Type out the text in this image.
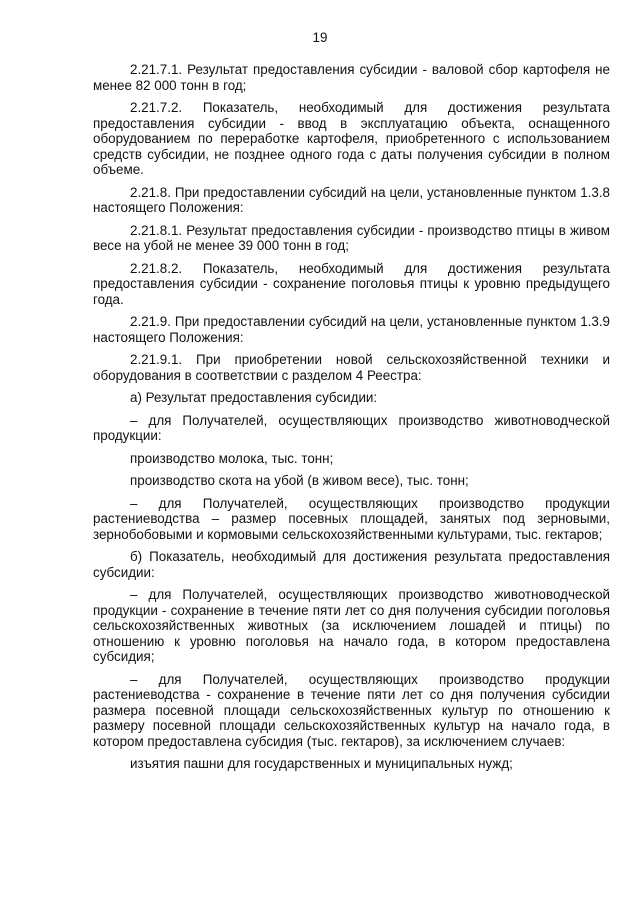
19

2.21.7.1. Результат предоставления субсидии - валовой сбор картофеля не менее 82 000 тонн в год;

2.21.7.2. Показатель, необходимый для достижения результата предоставления субсидии - ввод в эксплуатацию объекта, оснащенного оборудованием по переработке картофеля, приобретенного с использованием средств субсидии, не позднее одного года с даты получения субсидии в полном объеме.

2.21.8. При предоставлении субсидий на цели, установленные пунктом 1.3.8 настоящего Положения:

2.21.8.1. Результат предоставления субсидии - производство птицы в живом весе на убой не менее 39 000 тонн в год;

2.21.8.2. Показатель, необходимый для достижения результата предоставления субсидии - сохранение поголовья птицы к уровню предыдущего года.

2.21.9. При предоставлении субсидий на цели, установленные пунктом 1.3.9 настоящего Положения:

2.21.9.1. При приобретении новой сельскохозяйственной техники и оборудования в соответствии с разделом 4 Реестра:

а) Результат предоставления субсидии:

– для Получателей, осуществляющих производство животноводческой продукции:

производство молока, тыс. тонн;

производство скота на убой (в живом весе), тыс. тонн;

– для Получателей, осуществляющих производство продукции растениеводства – размер посевных площадей, занятых под зерновыми, зернобобовыми и кормовыми сельскохозяйственными культурами, тыс. гектаров;

б) Показатель, необходимый для достижения результата предоставления субсидии:

– для Получателей, осуществляющих производство животноводческой продукции - сохранение в течение пяти лет со дня получения субсидии поголовья сельскохозяйственных животных (за исключением лошадей и птицы) по отношению к уровню поголовья на начало года, в котором предоставлена субсидия;

– для Получателей, осуществляющих производство продукции растениеводства - сохранение в течение пяти лет со дня получения субсидии размера посевной площади сельскохозяйственных культур по отношению к размеру посевной площади сельскохозяйственных культур на начало года, в котором предоставлена субсидия (тыс. гектаров), за исключением случаев:

изъятия пашни для государственных и муниципальных нужд;
